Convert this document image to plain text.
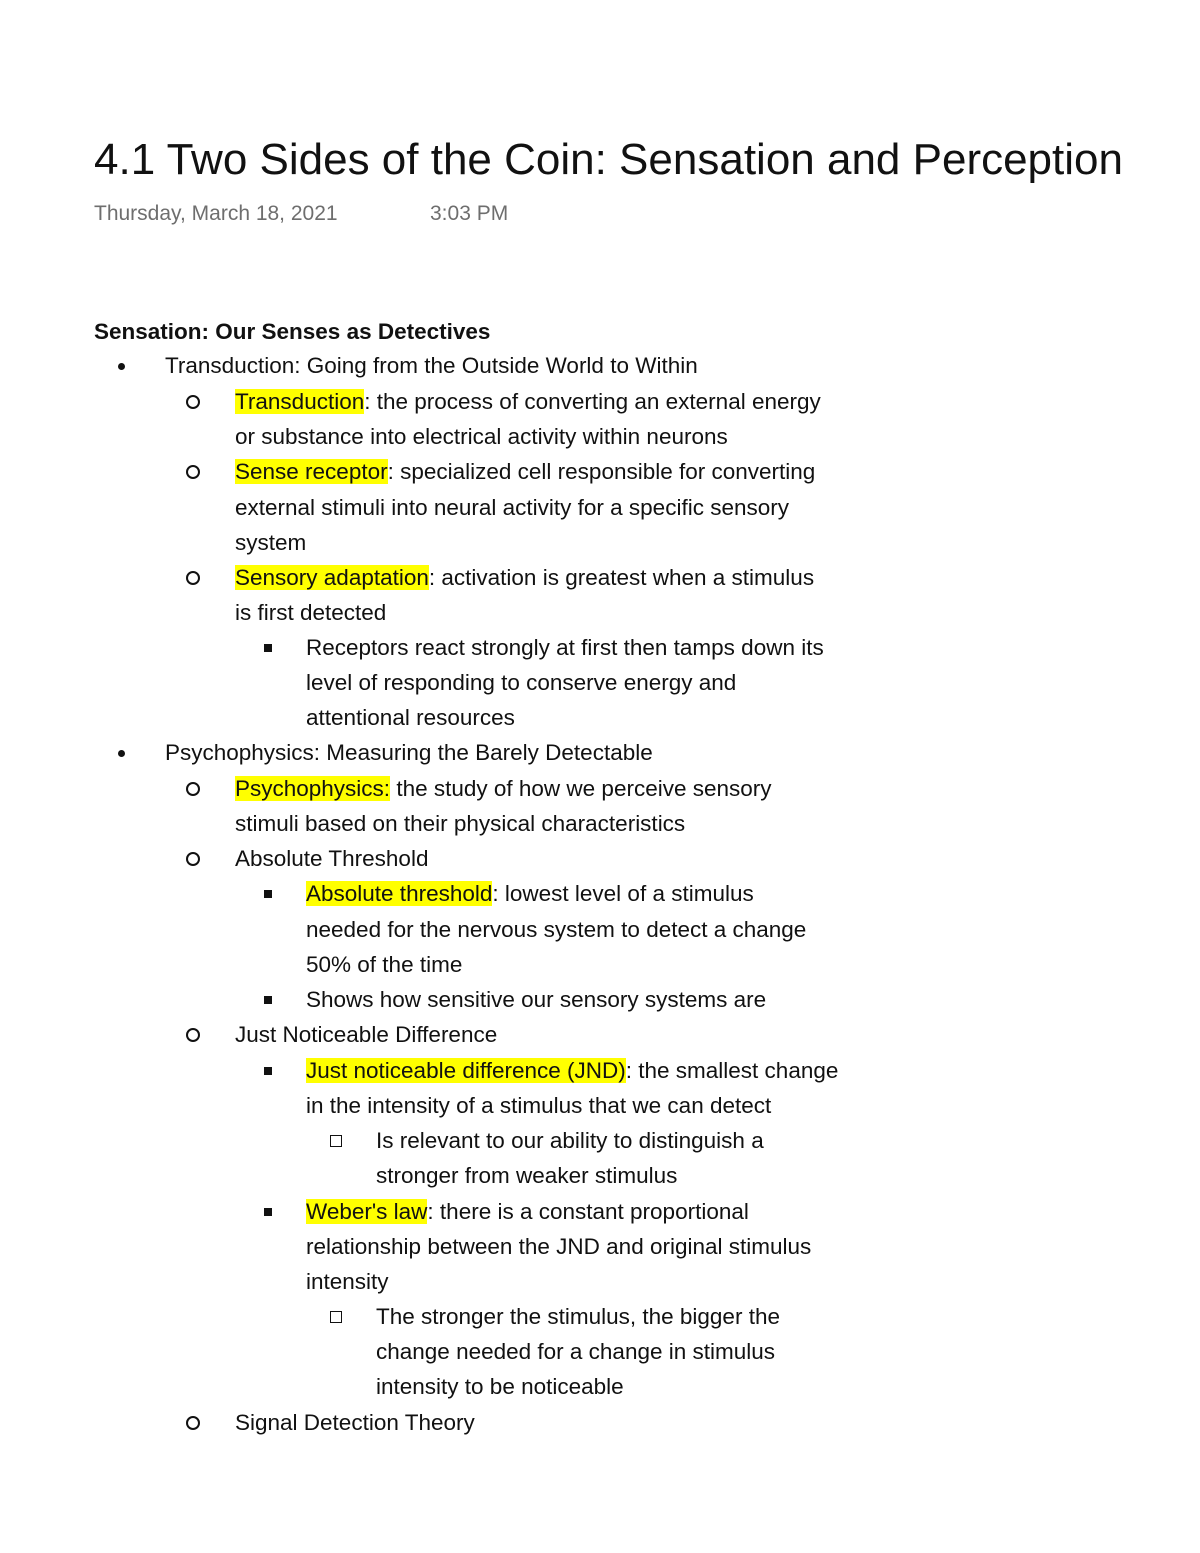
4.1 Two Sides of the Coin: Sensation and Perception
Thursday, March 18, 2021	3:03 PM
Sensation: Our Senses as Detectives
Transduction: Going from the Outside World to Within
Transduction: the process of converting an external energy
or substance into electrical activity within neurons
Sense receptor: specialized cell responsible for converting
external stimuli into neural activity for a specific sensory
system
Sensory adaptation: activation is greatest when a stimulus
is first detected
Receptors react strongly at first then tamps down its
level of responding to conserve energy and
attentional resources
Psychophysics: Measuring the Barely Detectable
Psychophysics: the study of how we perceive sensory
stimuli based on their physical characteristics
Absolute Threshold
Absolute threshold: lowest level of a stimulus
needed for the nervous system to detect a change
50% of the time
Shows how sensitive our sensory systems are
Just Noticeable Difference
Just noticeable difference (JND): the smallest change
in the intensity of a stimulus that we can detect
Is relevant to our ability to distinguish a
stronger from weaker stimulus
Weber's law: there is a constant proportional
relationship between the JND and original stimulus
intensity
The stronger the stimulus, the bigger the
change needed for a change in stimulus
intensity to be noticeable
Signal Detection Theory
